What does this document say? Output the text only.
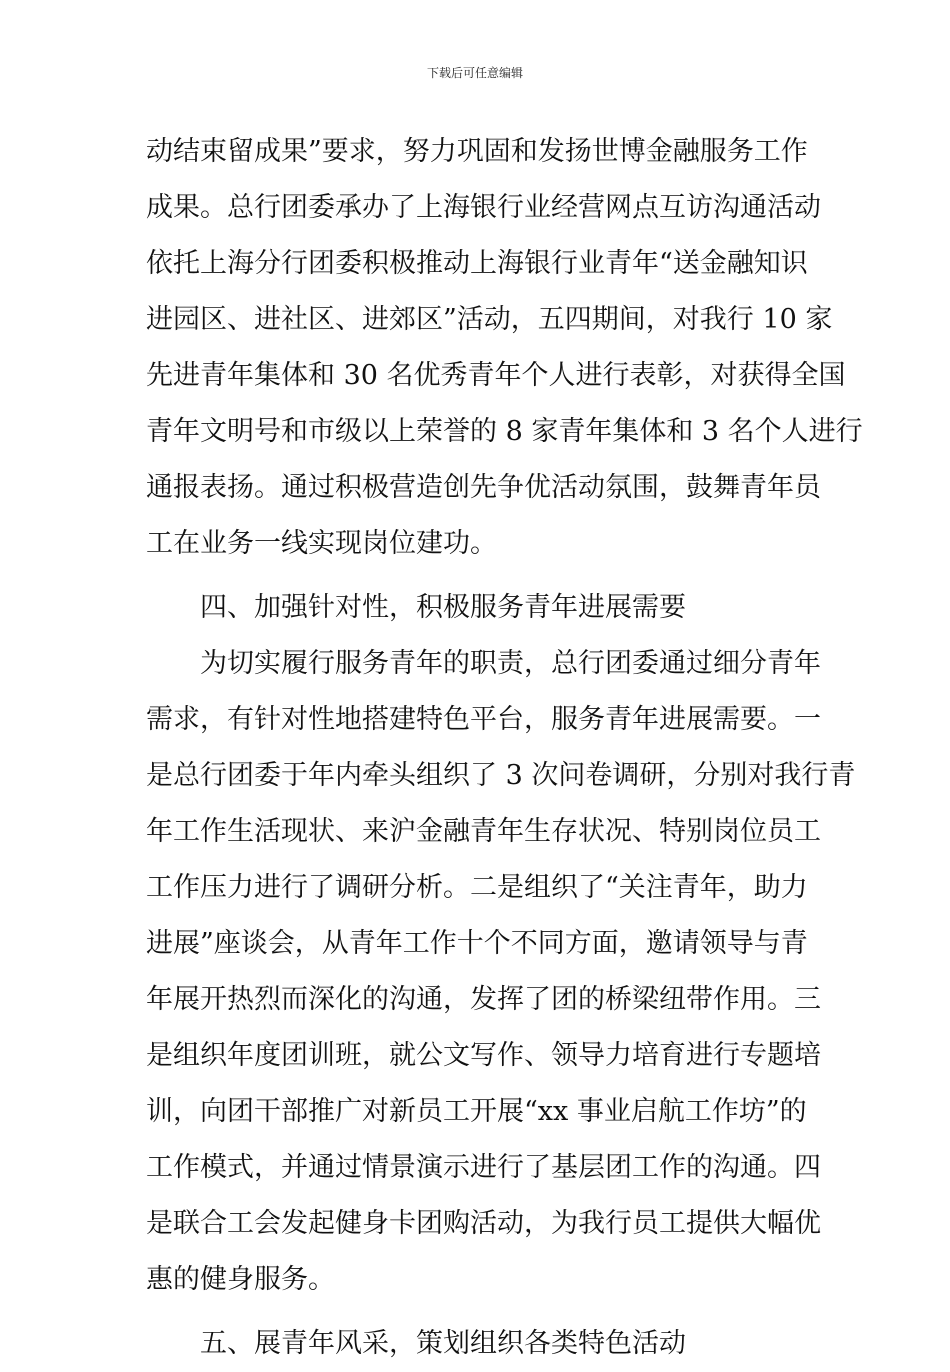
下载后可任意编辑
动结束留成果”要求，努力巩固和发扬世博金融服务工作
成果。总行团委承办了上海银行业经营网点互访沟通活动
依托上海分行团委积极推动上海银行业青年“送金融知识
进园区、进社区、进郊区”活动，五四期间，对我行 10 家
先进青年集体和 30 名优秀青年个人进行表彰，对获得全国
青年文明号和市级以上荣誉的 8 家青年集体和 3 名个人进行
通报表扬。通过积极营造创先争优活动氛围，鼓舞青年员
工在业务一线实现岗位建功。
四、加强针对性，积极服务青年进展需要
为切实履行服务青年的职责，总行团委通过细分青年
需求，有针对性地搭建特色平台，服务青年进展需要。一
是总行团委于年内牵头组织了 3 次问卷调研，分别对我行青
年工作生活现状、来沪金融青年生存状况、特别岗位员工
工作压力进行了调研分析。二是组织了“关注青年，助力
进展”座谈会，从青年工作十个不同方面，邀请领导与青
年展开热烈而深化的沟通，发挥了团的桥梁纽带作用。三
是组织年度团训班，就公文写作、领导力培育进行专题培
训，向团干部推广对新员工开展“xx 事业启航工作坊”的
工作模式，并通过情景演示进行了基层团工作的沟通。四
是联合工会发起健身卡团购活动，为我行员工提供大幅优
惠的健身服务。
五、展青年风采，策划组织各类特色活动
